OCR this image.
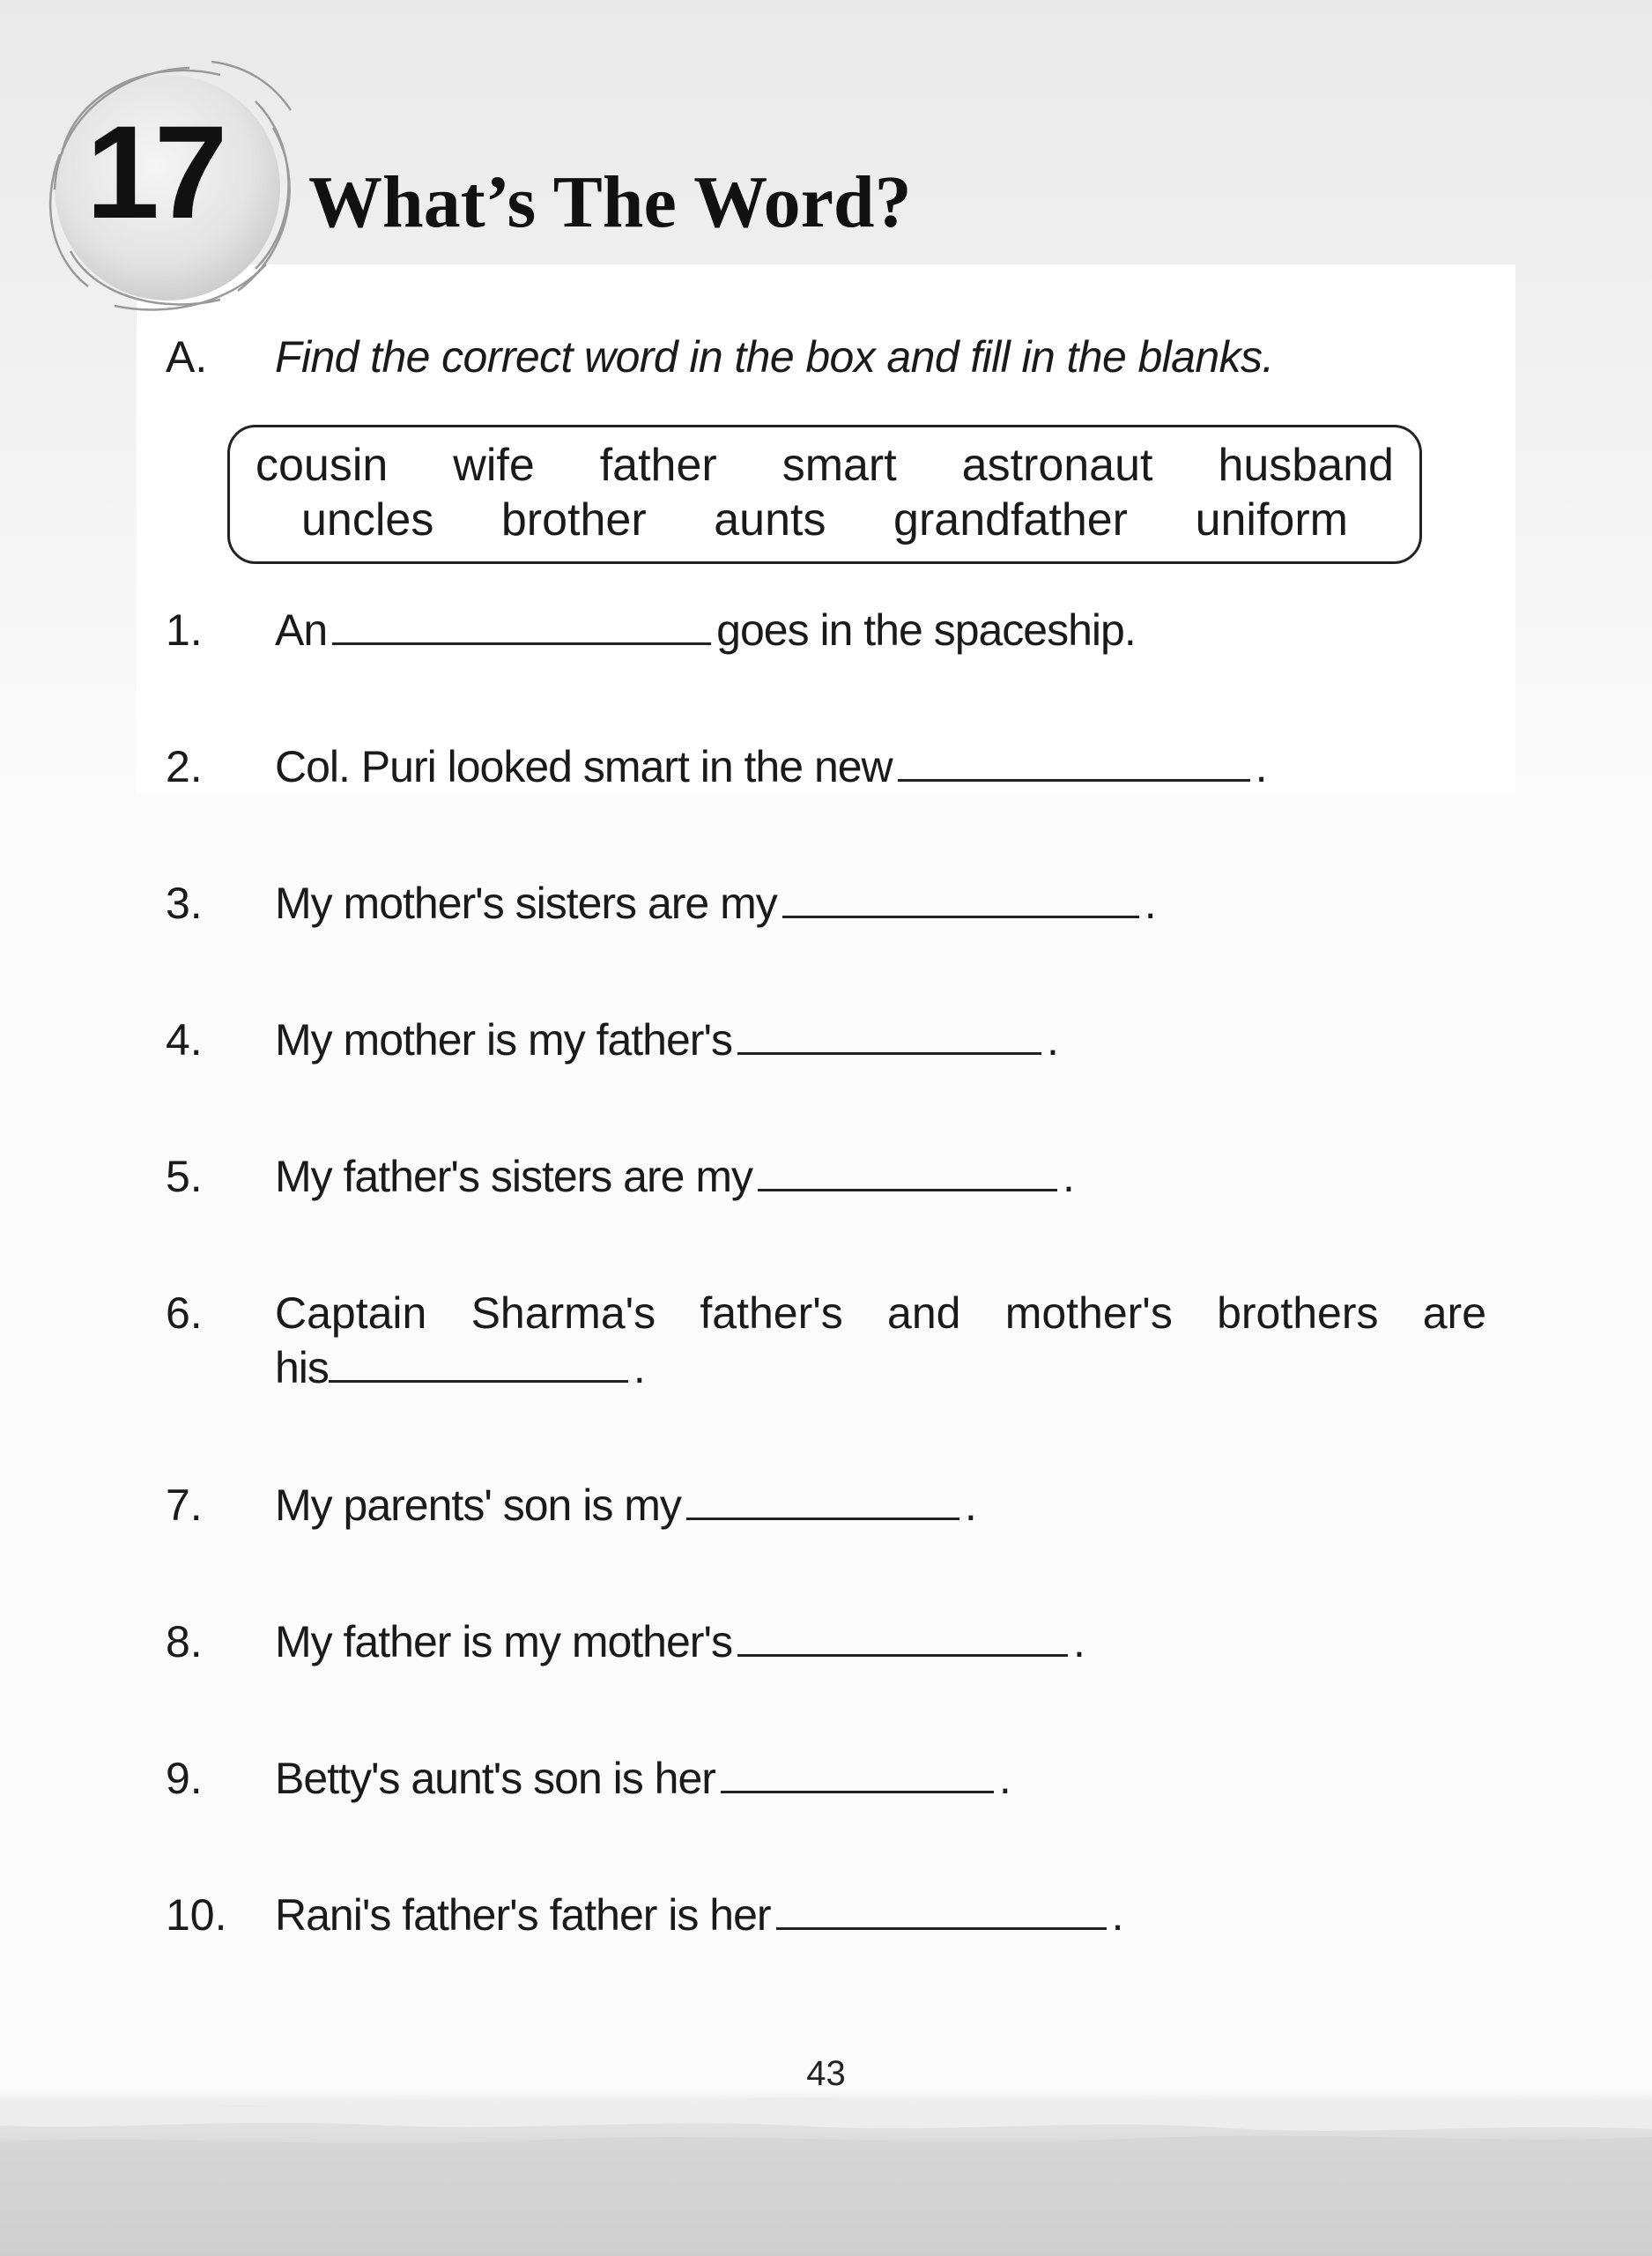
17 What’s The Word?
A. Find the correct word in the box and fill in the blanks.
cousin wife father smart astronaut husband
uncles brother aunts grandfather uniform
1. An	goes in the spaceship.
2. Col. Puri looked smart in the new	.
3. My mother's sisters are my	.
4. My mother is my father's	.
5. My father's sisters are my	.
6. Captain Sharma's father's and mother's brothers are
his	.
7. My parents' son is my	.
8. My father is my mother's	.
9. Betty's aunt's son is her	.
10. Rani's father's father is her	.
43
